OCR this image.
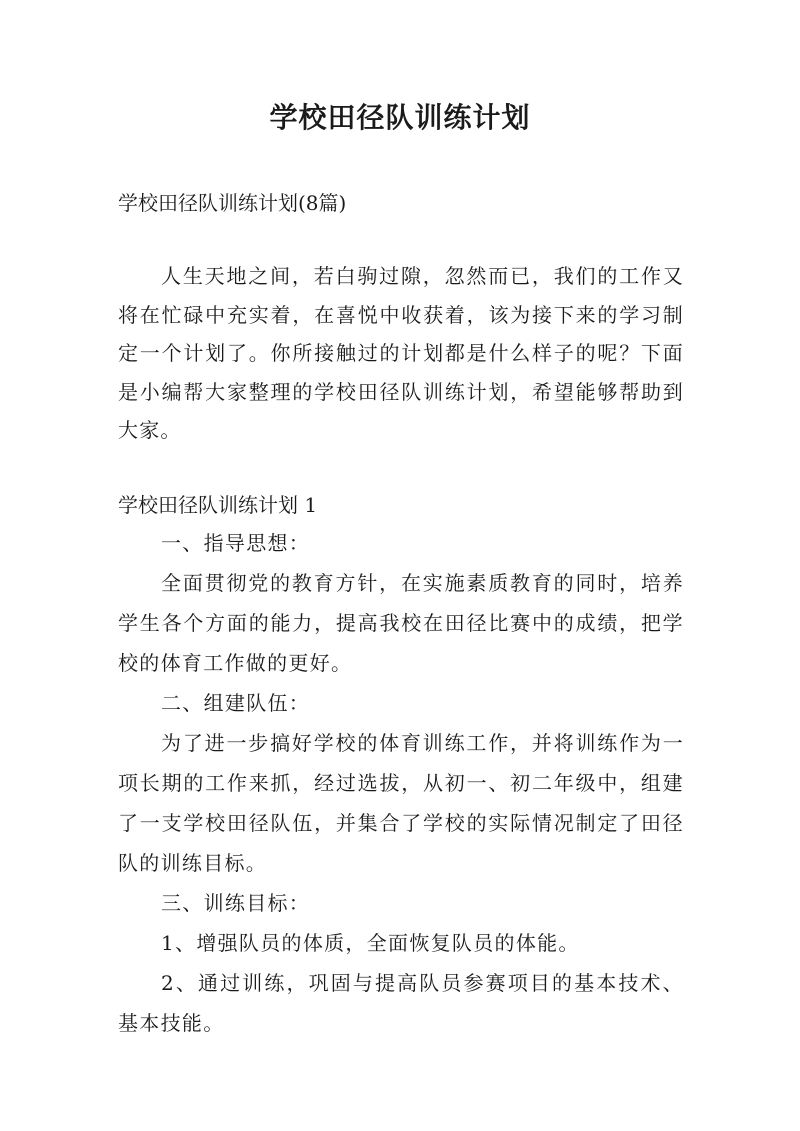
学校田径队训练计划
学校田径队训练计划(8篇)
人生天地之间，若白驹过隙，忽然而已，我们的工作又将在忙碌中充实着，在喜悦中收获着，该为接下来的学习制定一个计划了。你所接触过的计划都是什么样子的呢？下面是小编帮大家整理的学校田径队训练计划，希望能够帮助到大家。
学校田径队训练计划 1

一、指导思想：

全面贯彻党的教育方针，在实施素质教育的同时，培养学生各个方面的能力，提高我校在田径比赛中的成绩，把学校的体育工作做的更好。

二、组建队伍：

为了进一步搞好学校的体育训练工作，并将训练作为一项长期的工作来抓，经过选拔，从初一、初二年级中，组建了一支学校田径队伍，并集合了学校的实际情况制定了田径队的训练目标。

三、训练目标：

1、增强队员的体质，全面恢复队员的体能。

2、通过训练，巩固与提高队员参赛项目的基本技术、基本技能。
